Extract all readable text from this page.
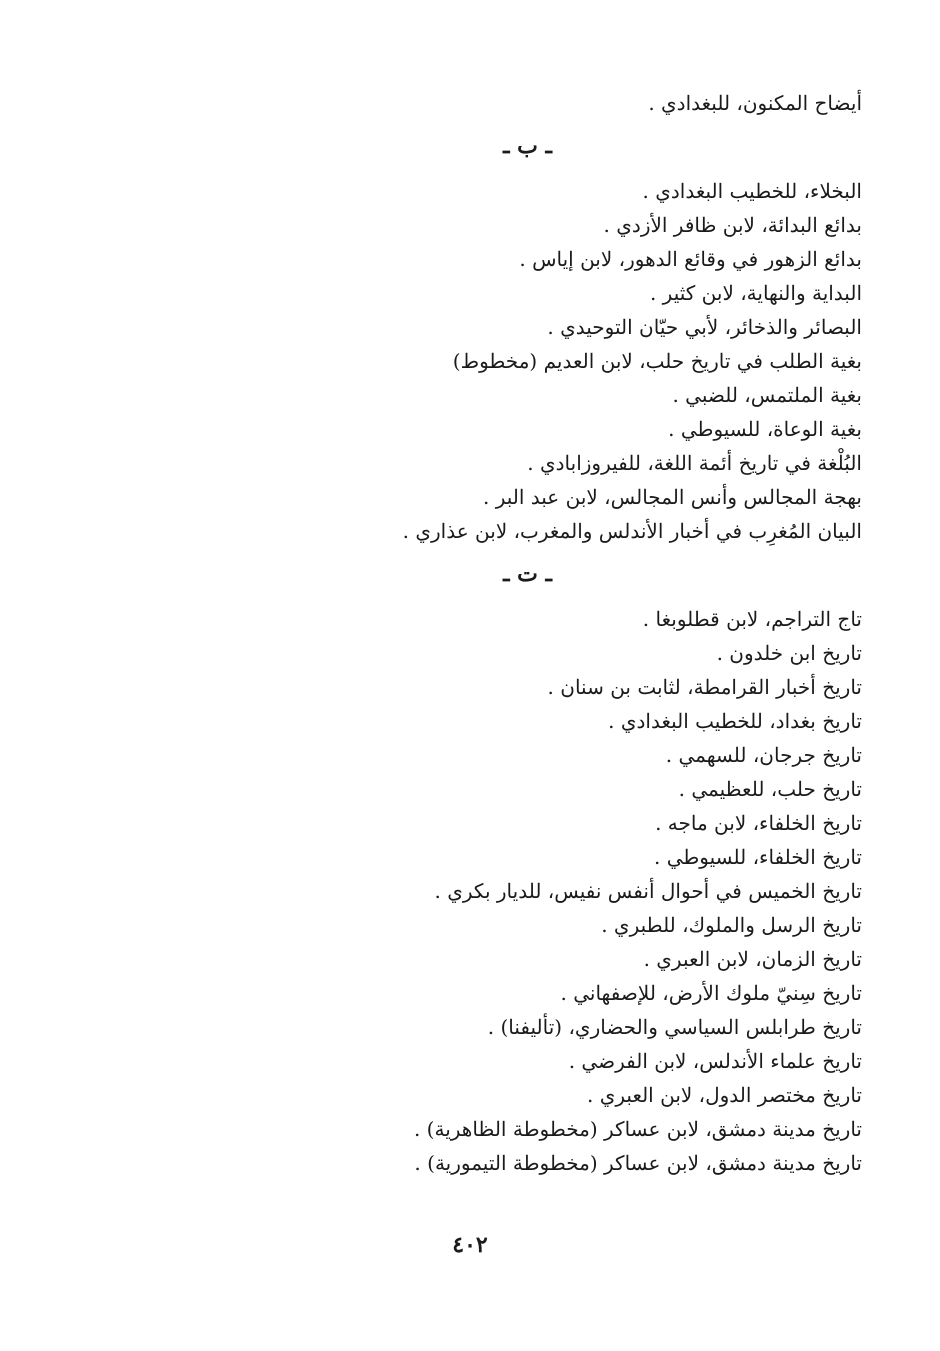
أيضاح المكنون، للبغدادي .
ـ ب ـ
البخلاء، للخطيب البغدادي .
بدائع البدائة، لابن ظافر الأزدي .
بدائع الزهور في وقائع الدهور، لابن إياس .
البداية والنهاية، لابن كثير .
البصائر والذخائر، لأبي حيّان التوحيدي .
بغية الطلب في تاريخ حلب، لابن العديم (مخطوط)
بغية الملتمس، للضبي .
بغية الوعاة، للسيوطي .
البُلْغة في تاريخ أئمة اللغة، للفيروزابادي .
بهجة المجالس وأنس المجالس، لابن عبد البر .
البيان المُغرِب في أخبار الأندلس والمغرب، لابن عذاري .
ـ ت ـ
تاج التراجم، لابن قطلوبغا .
تاريخ ابن خلدون .
تاريخ أخبار القرامطة، لثابت بن سنان .
تاريخ بغداد، للخطيب البغدادي .
تاريخ جرجان، للسهمي .
تاريخ حلب، للعظيمي .
تاريخ الخلفاء، لابن ماجه .
تاريخ الخلفاء، للسيوطي .
تاريخ الخميس في أحوال أنفس نفيس، للديار بكري .
تاريخ الرسل والملوك، للطبري .
تاريخ الزمان، لابن العبري .
تاريخ سِنيّ ملوك الأرض، للإصفهاني .
تاريخ طرابلس السياسي والحضاري، (تأليفنا) .
تاريخ علماء الأندلس، لابن الفرضي .
تاريخ مختصر الدول، لابن العبري .
تاريخ مدينة دمشق، لابن عساكر (مخطوطة الظاهرية) .
تاريخ مدينة دمشق، لابن عساكر (مخطوطة التيمورية) .
٤٠٢
